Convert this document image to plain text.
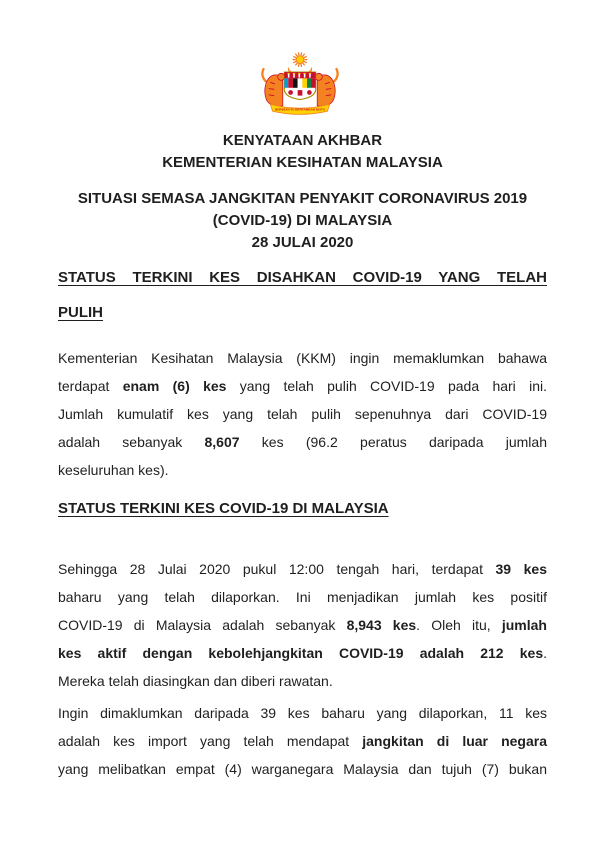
BERSEKUTU BERTAMBAH MUTU
KENYATAAN AKHBAR
KEMENTERIAN KESIHATAN MALAYSIA
SITUASI SEMASA JANGKITAN PENYAKIT CORONAVIRUS 2019
(COVID-19) DI MALAYSIA
28 JULAI 2020
STATUS TERKINI KES DISAHKAN COVID-19 YANG TELAH
PULIH
Kementerian Kesihatan Malaysia (KKM) ingin memaklumkan bahawa
terdapat enam (6) kes yang telah pulih COVID-19 pada hari ini.
Jumlah kumulatif kes yang telah pulih sepenuhnya dari COVID-19
adalah sebanyak 8,607 kes (96.2 peratus daripada jumlah
keseluruhan kes).
STATUS TERKINI KES COVID-19 DI MALAYSIA
Sehingga 28 Julai 2020 pukul 12:00 tengah hari, terdapat 39 kes
baharu yang telah dilaporkan. Ini menjadikan jumlah kes positif
COVID-19 di Malaysia adalah sebanyak 8,943 kes. Oleh itu, jumlah
kes aktif dengan kebolehjangkitan COVID-19 adalah 212 kes.
Mereka telah diasingkan dan diberi rawatan.
Ingin dimaklumkan daripada 39 kes baharu yang dilaporkan, 11 kes
adalah kes import yang telah mendapat jangkitan di luar negara
yang melibatkan empat (4) warganegara Malaysia dan tujuh (7) bukan
